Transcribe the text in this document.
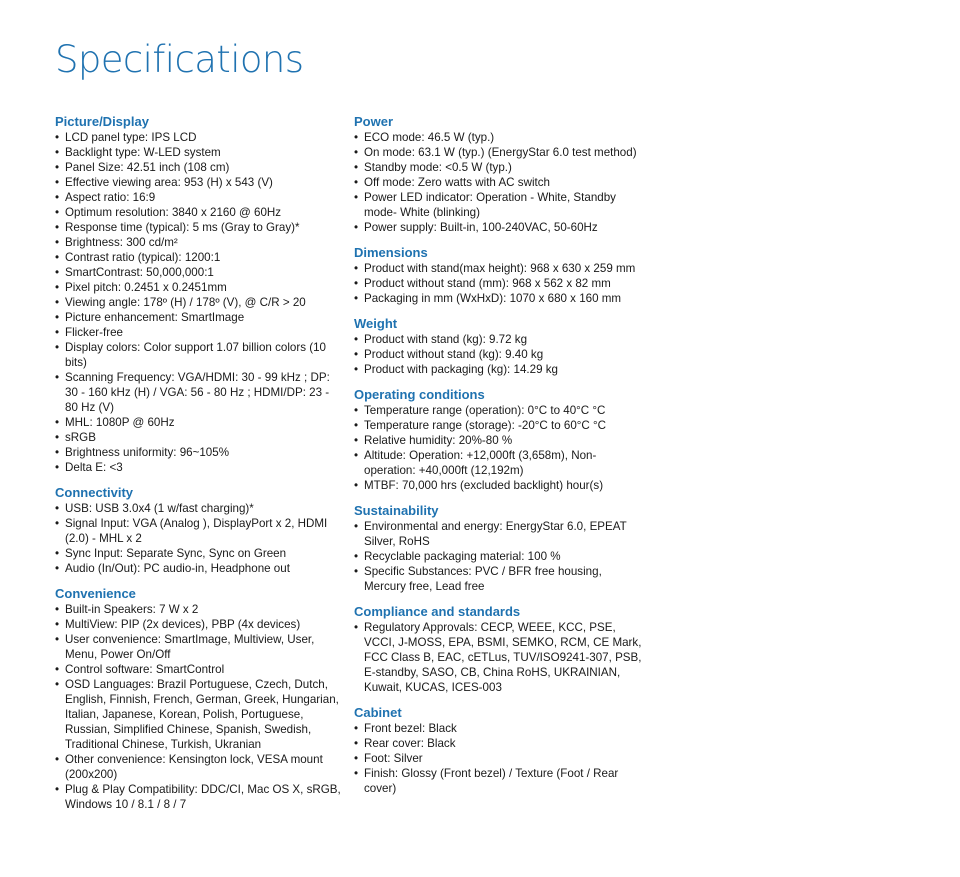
Specifications
Picture/Display
• LCD panel type: IPS LCD
• Backlight type: W-LED system
• Panel Size: 42.51 inch (108 cm)
• Effective viewing area: 953 (H) x 543 (V)
• Aspect ratio: 16:9
• Optimum resolution: 3840 x 2160 @ 60Hz
• Response time (typical): 5 ms (Gray to Gray)*
• Brightness: 300 cd/m²
• Contrast ratio (typical): 1200:1
• SmartContrast: 50,000,000:1
• Pixel pitch: 0.2451 x 0.2451mm
• Viewing angle: 178º (H) / 178º (V), @ C/R > 20
• Picture enhancement: SmartImage
• Flicker-free
• Display colors: Color support 1.07 billion colors (10 bits)
• Scanning Frequency: VGA/HDMI: 30 - 99 kHz ; DP: 30 - 160 kHz (H) / VGA: 56 - 80 Hz ; HDMI/DP: 23 - 80 Hz (V)
• MHL: 1080P @ 60Hz
• sRGB
• Brightness uniformity: 96~105%
• Delta E: <3
Connectivity
• USB: USB 3.0x4 (1 w/fast charging)*
• Signal Input: VGA (Analog ), DisplayPort x 2, HDMI (2.0) - MHL x 2
• Sync Input: Separate Sync, Sync on Green
• Audio (In/Out): PC audio-in, Headphone out
Convenience
• Built-in Speakers: 7 W x 2
• MultiView: PIP (2x devices), PBP (4x devices)
• User convenience: SmartImage, Multiview, User, Menu, Power On/Off
• Control software: SmartControl
• OSD Languages: Brazil Portuguese, Czech, Dutch, English, Finnish, French, German, Greek, Hungarian, Italian, Japanese, Korean, Polish, Portuguese, Russian, Simplified Chinese, Spanish, Swedish, Traditional Chinese, Turkish, Ukranian
• Other convenience: Kensington lock, VESA mount (200x200)
• Plug & Play Compatibility: DDC/CI, Mac OS X, sRGB, Windows 10 / 8.1 / 8 / 7
Power
• ECO mode: 46.5 W (typ.)
• On mode: 63.1 W (typ.) (EnergyStar 6.0 test method)
• Standby mode: <0.5 W (typ.)
• Off mode: Zero watts with AC switch
• Power LED indicator: Operation - White, Standby mode- White (blinking)
• Power supply: Built-in, 100-240VAC, 50-60Hz
Dimensions
• Product with stand(max height): 968 x 630 x 259 mm
• Product without stand (mm): 968 x 562 x 82 mm
• Packaging in mm (WxHxD): 1070 x 680 x 160 mm
Weight
• Product with stand (kg): 9.72 kg
• Product without stand (kg): 9.40 kg
• Product with packaging (kg): 14.29 kg
Operating conditions
• Temperature range (operation): 0°C to 40°C °C
• Temperature range (storage): -20°C to 60°C °C
• Relative humidity: 20%-80 %
• Altitude: Operation: +12,000ft (3,658m), Non-operation: +40,000ft (12,192m)
• MTBF: 70,000 hrs (excluded backlight) hour(s)
Sustainability
• Environmental and energy: EnergyStar 6.0, EPEAT Silver, RoHS
• Recyclable packaging material: 100 %
• Specific Substances: PVC / BFR free housing, Mercury free, Lead free
Compliance and standards
• Regulatory Approvals: CECP, WEEE, KCC, PSE, VCCI, J-MOSS, EPA, BSMI, SEMKO, RCM, CE Mark, FCC Class B, EAC, cETLus, TUV/ISO9241-307, PSB, E-standby, SASO, CB, China RoHS, UKRAINIAN, Kuwait, KUCAS, ICES-003
Cabinet
• Front bezel: Black
• Rear cover: Black
• Foot: Silver
• Finish: Glossy (Front bezel) / Texture (Foot / Rear cover)
